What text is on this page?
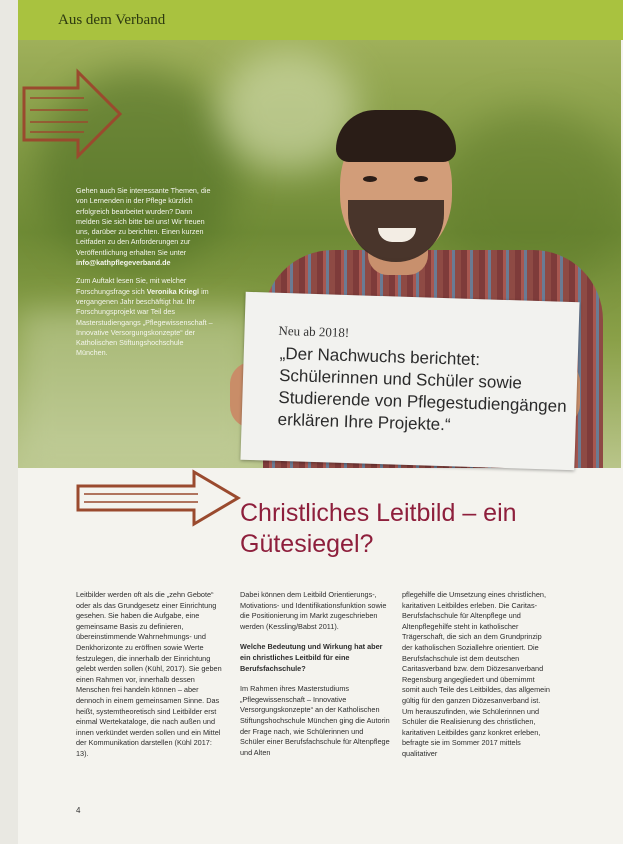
Aus dem Verband

Gehen auch Sie interessante Themen, die von Lernenden in der Pflege kürzlich erfolgreich bearbeitet wurden? Dann melden Sie sich bitte bei uns! Wir freuen uns, darüber zu berichten. Einen kurzen Leitfaden zu den Anforderungen zur Veröffentlichung erhalten Sie unter info@kathpflegeverband.de

Zum Auftakt lesen Sie, mit welcher Forschungsfrage sich Veronika Kriegl im vergangenen Jahr beschäftigt hat. Ihr Forschungsprojekt war Teil des Masterstudiengangs „Pflegewissenschaft – Innovative Versorgungskonzepte“ der Katholischen Stiftungshochschule München.

Neu ab 2018!
„Der Nachwuchs berichtet: Schülerinnen und Schüler sowie Studierende von Pflegestudiengängen erklären Ihre Projekte.“
Christliches Leitbild – ein Gütesiegel?

Leitbilder werden oft als die „zehn Gebote“ oder als das Grundgesetz einer Einrichtung gesehen. Sie haben die Aufgabe, eine gemeinsame Basis zu definieren, übereinstimmende Wahrnehmungs- und Denkhorizonte zu eröffnen sowie Werte festzulegen, die innerhalb der Einrichtung gelebt werden sollen (Kühl, 2017). Sie geben einen Rahmen vor, innerhalb dessen Menschen frei handeln können – aber dennoch in einem gemeinsamen Sinne. Das heißt, systemtheoretisch sind Leitbilder erst einmal Wertekataloge, die nach außen und innen verkündet werden sollen und ein Mittel der Kommunikation darstellen (Kühl 2017: 13).

Dabei können dem Leitbild Orientierungs-, Motivations- und Identifikationsfunktion sowie die Positionierung im Markt zugeschrieben werden (Kessling/Babst 2011).

Welche Bedeutung und Wirkung hat aber ein christliches Leitbild für eine Berufsfachschule?

Im Rahmen ihres Masterstudiums „Pflegewissenschaft – Innovative Versorgungskonzepte“ an der Katholischen Stiftungshochschule München ging die Autorin der Frage nach, wie Schülerinnen und Schüler einer Berufsfachschule für Altenpflege und Alten

pflegehilfe die Umsetzung eines christlichen, karitativen Leitbildes erleben. Die Caritas-Berufsfachschule für Altenpflege und Altenpflegehilfe steht in katholischer Trägerschaft, die sich an dem Grundprinzip der katholischen Soziallehre orientiert. Die Berufsfachschule ist dem deutschen Caritasverband bzw. dem Diözesanverband Regensburg angegliedert und übernimmt somit auch Teile des Leitbildes, das allgemein gültig für den ganzen Diözesanverband ist. Um herauszufinden, wie Schülerinnen und Schüler die Realisierung des christlichen, karitativen Leitbildes ganz konkret erleben, befragte sie im Sommer 2017 mittels qualitativer

4
